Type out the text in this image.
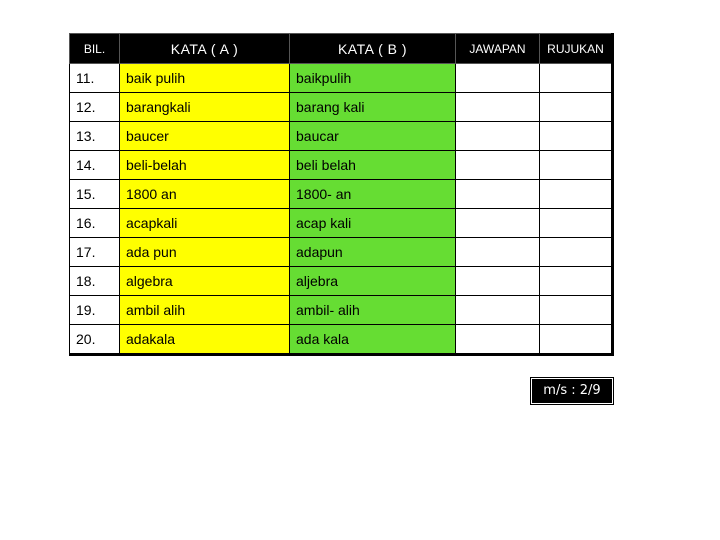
BIL.	KATA ( A )	KATA ( B )	JAWAPAN	RUJUKAN
11.	baik pulih	baikpulih		
12.	barangkali	barang kali		
13.	baucer	baucar		
14.	beli-belah	beli belah		
15.	1800 an	1800- an		
16.	acapkali	acap kali		
17.	ada pun	adapun		
18.	algebra	aljebra		
19.	ambil alih	ambil- alih		
20.	adakala	ada kala		
m/s : 2/9
